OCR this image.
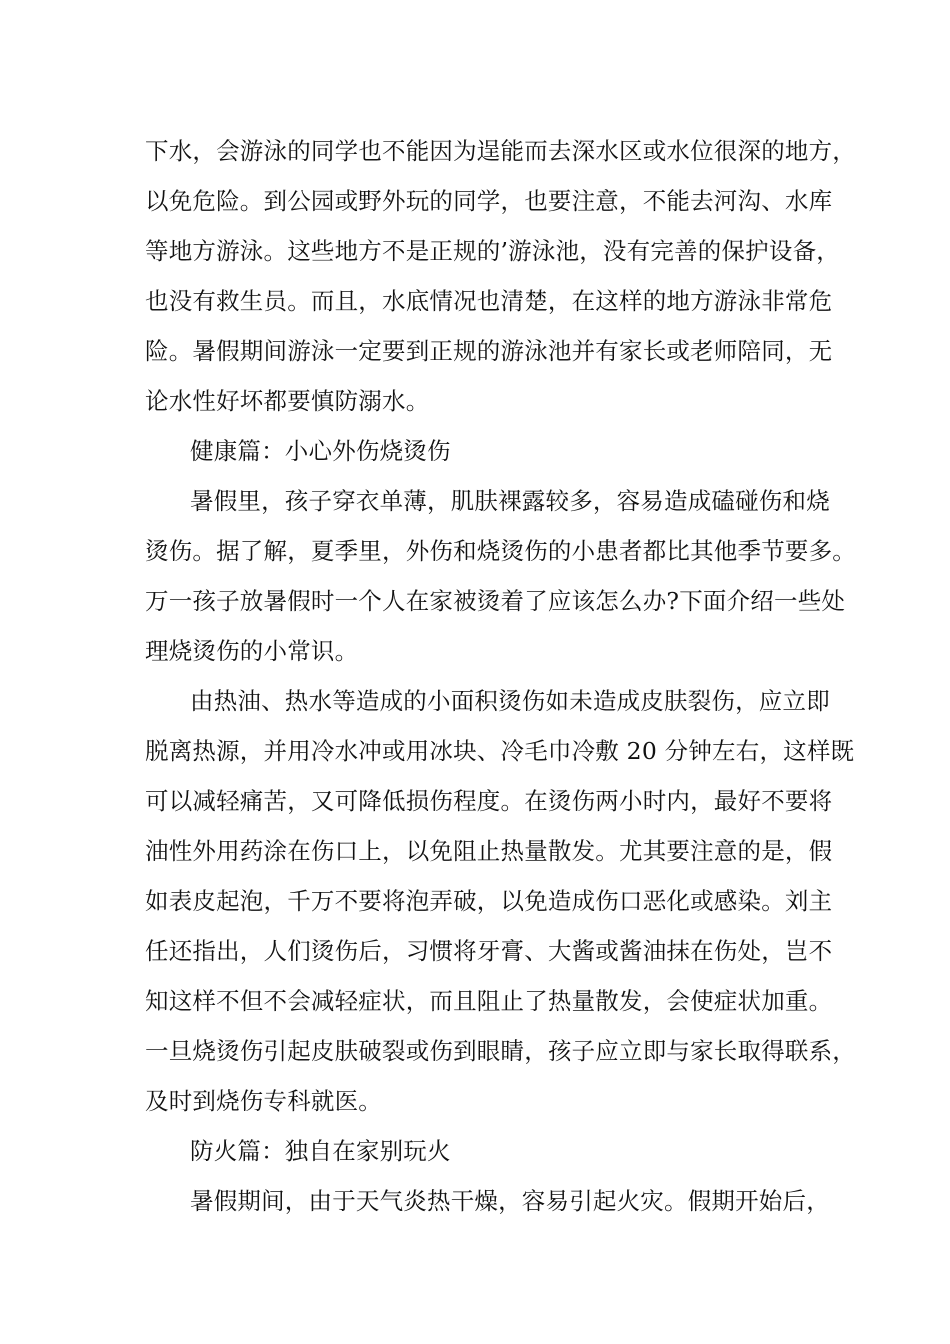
下水，会游泳的同学也不能因为逞能而去深水区或水位很深的地方，
以免危险。到公园或野外玩的同学，也要注意，不能去河沟、水库
等地方游泳。这些地方不是正规的’游泳池，没有完善的保护设备，
也没有救生员。而且，水底情况也清楚，在这样的地方游泳非常危
险。暑假期间游泳一定要到正规的游泳池并有家长或老师陪同，无
论水性好坏都要慎防溺水。
健康篇：小心外伤烧烫伤
暑假里，孩子穿衣单薄，肌肤裸露较多，容易造成磕碰伤和烧
烫伤。据了解，夏季里，外伤和烧烫伤的小患者都比其他季节要多。
万一孩子放暑假时一个人在家被烫着了应该怎么办?下面介绍一些处
理烧烫伤的小常识。
由热油、热水等造成的小面积烫伤如未造成皮肤裂伤，应立即
脱离热源，并用冷水冲或用冰块、冷毛巾冷敷 20 分钟左右，这样既
可以减轻痛苦，又可降低损伤程度。在烫伤两小时内，最好不要将
油性外用药涂在伤口上，以免阻止热量散发。尤其要注意的是，假
如表皮起泡，千万不要将泡弄破，以免造成伤口恶化或感染。刘主
任还指出，人们烫伤后，习惯将牙膏、大酱或酱油抹在伤处，岂不
知这样不但不会减轻症状，而且阻止了热量散发，会使症状加重。
一旦烧烫伤引起皮肤破裂或伤到眼睛，孩子应立即与家长取得联系，
及时到烧伤专科就医。
防火篇：独自在家别玩火
暑假期间，由于天气炎热干燥，容易引起火灾。假期开始后，
